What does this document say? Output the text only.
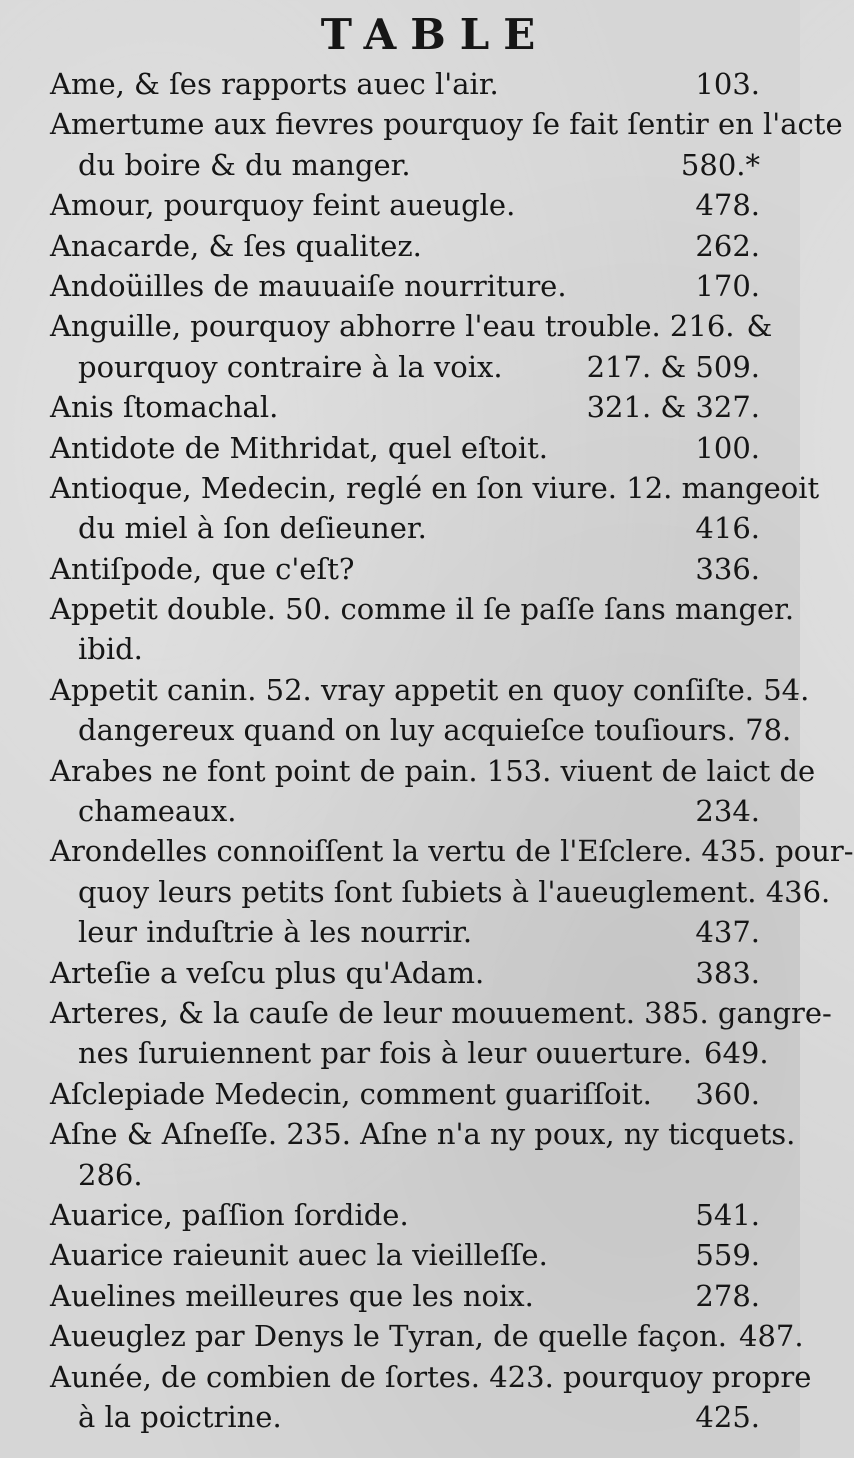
TABLE
Ame, & ſes rapports auec l'air.	103.
Amertume aux fievres pourquoy ſe fait ſentir en l'acte
du boire & du manger.	580.*
Amour, pourquoy feint aueugle.	478.
Anacarde, & ſes qualitez.	262.
Andoüilles de mauuaiſe nourriture.	170.
Anguille, pourquoy abhorre l'eau trouble. 216. &
pourquoy contraire à la voix.	217. & 509.
Anis ſtomachal.	321. & 327.
Antidote de Mithridat, quel eſtoit.	100.
Antioque, Medecin, reglé en ſon viure. 12. mangeoit
du miel à ſon deſieuner.	416.
Antiſpode, que c'eſt?	336.
Appetit double. 50. comme il ſe paſſe ſans manger.
ibid.
Appetit canin. 52. vray appetit en quoy conſiſte. 54.
dangereux quand on luy acquieſce touſiours. 78.
Arabes ne font point de pain. 153. viuent de laict de
chameaux.	234.
Arondelles connoiſſent la vertu de l'Eſclere. 435. pour-
quoy leurs petits ſont ſubiets à l'aueuglement. 436.
leur induſtrie à les nourrir.	437.
Arteſie a veſcu plus qu'Adam.	383.
Arteres, & la cauſe de leur mouuement. 385. gangre-
nes ſuruiennent par fois à leur ouuerture. 649.
Aſclepiade Medecin, comment guariſſoit.	360.
Aſne & Aſneſſe. 235. Aſne n'a ny poux, ny ticquets.
286.
Auarice, paſſion ſordide.	541.
Auarice raieunit auec la vieilleſſe.	559.
Auelines meilleures que les noix.	278.
Aueuglez par Denys le Tyran, de quelle façon. 487.
Aunée, de combien de ſortes. 423. pourquoy propre
à la poictrine.	425.
